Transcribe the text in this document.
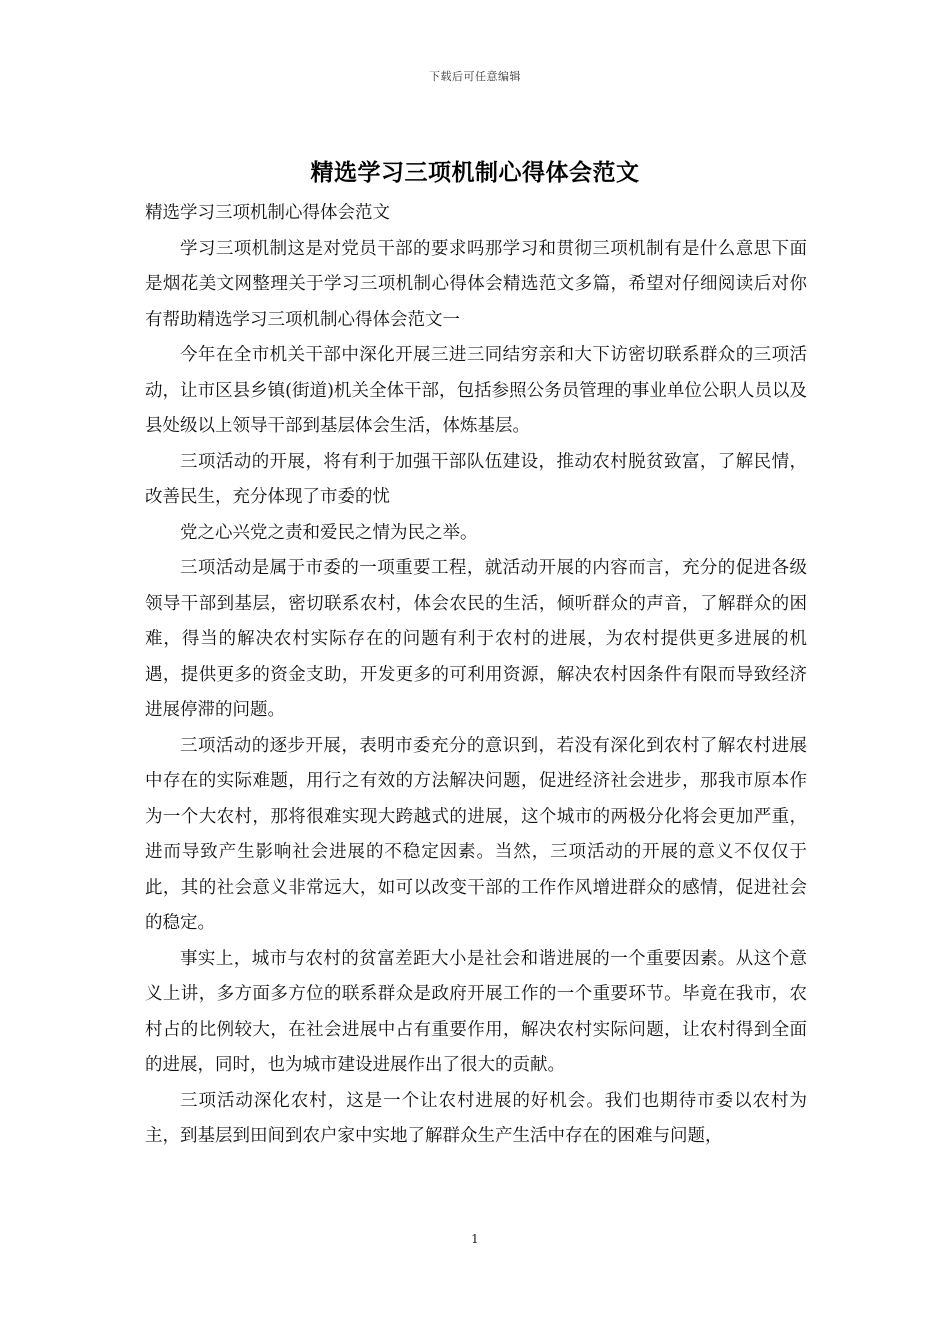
下载后可任意编辑
精选学习三项机制心得体会范文

精选学习三项机制心得体会范文

学习三项机制这是对党员干部的要求吗那学习和贯彻三项机制有是什么意思下面是烟花美文网整理关于学习三项机制心得体会精选范文多篇，希望对仔细阅读后对你有帮助精选学习三项机制心得体会范文一

今年在全市机关干部中深化开展三进三同结穷亲和大下访密切联系群众的三项活动，让市区县乡镇(街道)机关全体干部，包括参照公务员管理的事业单位公职人员以及县处级以上领导干部到基层体会生活，体炼基层。

三项活动的开展，将有利于加强干部队伍建设，推动农村脱贫致富，了解民情，改善民生，充分体现了市委的忧

党之心兴党之责和爱民之情为民之举。

三项活动是属于市委的一项重要工程，就活动开展的内容而言，充分的促进各级领导干部到基层，密切联系农村，体会农民的生活，倾听群众的声音，了解群众的困难，得当的解决农村实际存在的问题有利于农村的进展，为农村提供更多进展的机遇，提供更多的资金支助，开发更多的可利用资源，解决农村因条件有限而导致经济进展停滞的问题。

三项活动的逐步开展，表明市委充分的意识到，若没有深化到农村了解农村进展中存在的实际难题，用行之有效的方法解决问题，促进经济社会进步，那我市原本作为一个大农村，那将很难实现大跨越式的进展，这个城市的两极分化将会更加严重，进而导致产生影响社会进展的不稳定因素。当然，三项活动的开展的意义不仅仅于此，其的社会意义非常远大，如可以改变干部的工作作风增进群众的感情，促进社会的稳定。

事实上，城市与农村的贫富差距大小是社会和谐进展的一个重要因素。从这个意义上讲，多方面多方位的联系群众是政府开展工作的一个重要环节。毕竟在我市，农村占的比例较大，在社会进展中占有重要作用，解决农村实际问题，让农村得到全面的进展，同时，也为城市建设进展作出了很大的贡献。

三项活动深化农村，这是一个让农村进展的好机会。我们也期待市委以农村为主，到基层到田间到农户家中实地了解群众生产生活中存在的困难与问题，

1
